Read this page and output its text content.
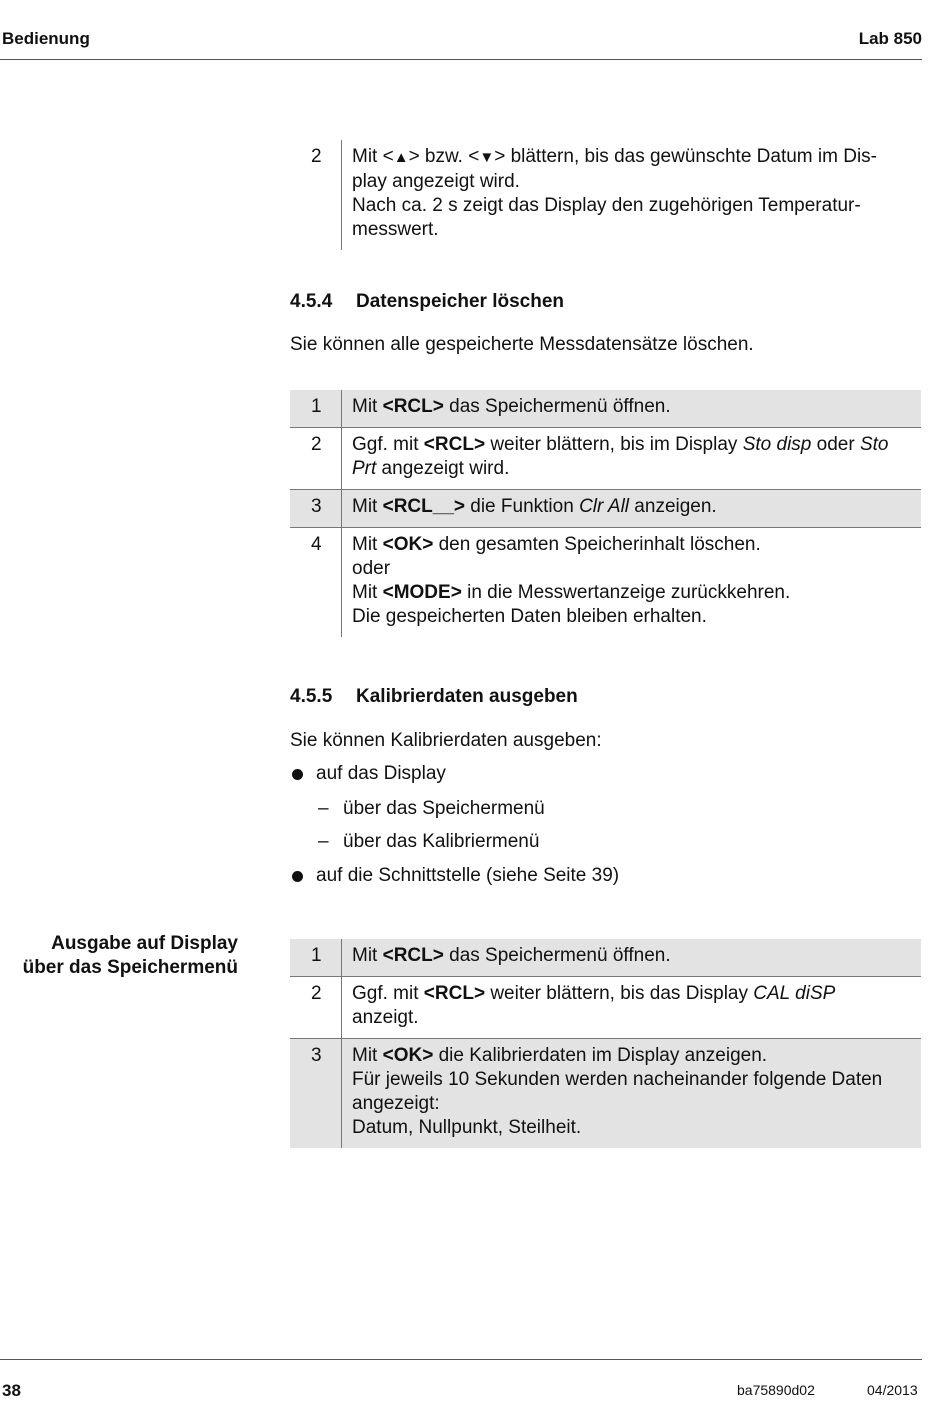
Bedienung	Lab 850
2	Mit <▲> bzw. <▼> blättern, bis das gewünschte Datum im Dis-
play angezeigt wird.
Nach ca. 2 s zeigt das Display den zugehörigen Temperatur-
messwert.
4.5.4 Datenspeicher löschen
Sie können alle gespeicherte Messdatensätze löschen.
1	Mit <RCL> das Speichermenü öffnen.
2	Ggf. mit <RCL> weiter blättern, bis im Display Sto disp oder Sto
Prt angezeigt wird.
3	Mit <RCL__> die Funktion Clr All anzeigen.
4	Mit <OK> den gesamten Speicherinhalt löschen.
oder
Mit <MODE> in die Messwertanzeige zurückkehren.
Die gespeicherten Daten bleiben erhalten.
4.5.5 Kalibrierdaten ausgeben
Sie können Kalibrierdaten ausgeben:
auf das Display
– über das Speichermenü
– über das Kalibriermenü
auf die Schnittstelle (siehe Seite 39)
Ausgabe auf Display
über das Speichermenü
1	Mit <RCL> das Speichermenü öffnen.
2	Ggf. mit <RCL> weiter blättern, bis das Display CAL diSP
anzeigt.
3	Mit <OK> die Kalibrierdaten im Display anzeigen.
Für jeweils 10 Sekunden werden nacheinander folgende Daten
angezeigt:
Datum, Nullpunkt, Steilheit.
38	ba75890d02	04/2013
